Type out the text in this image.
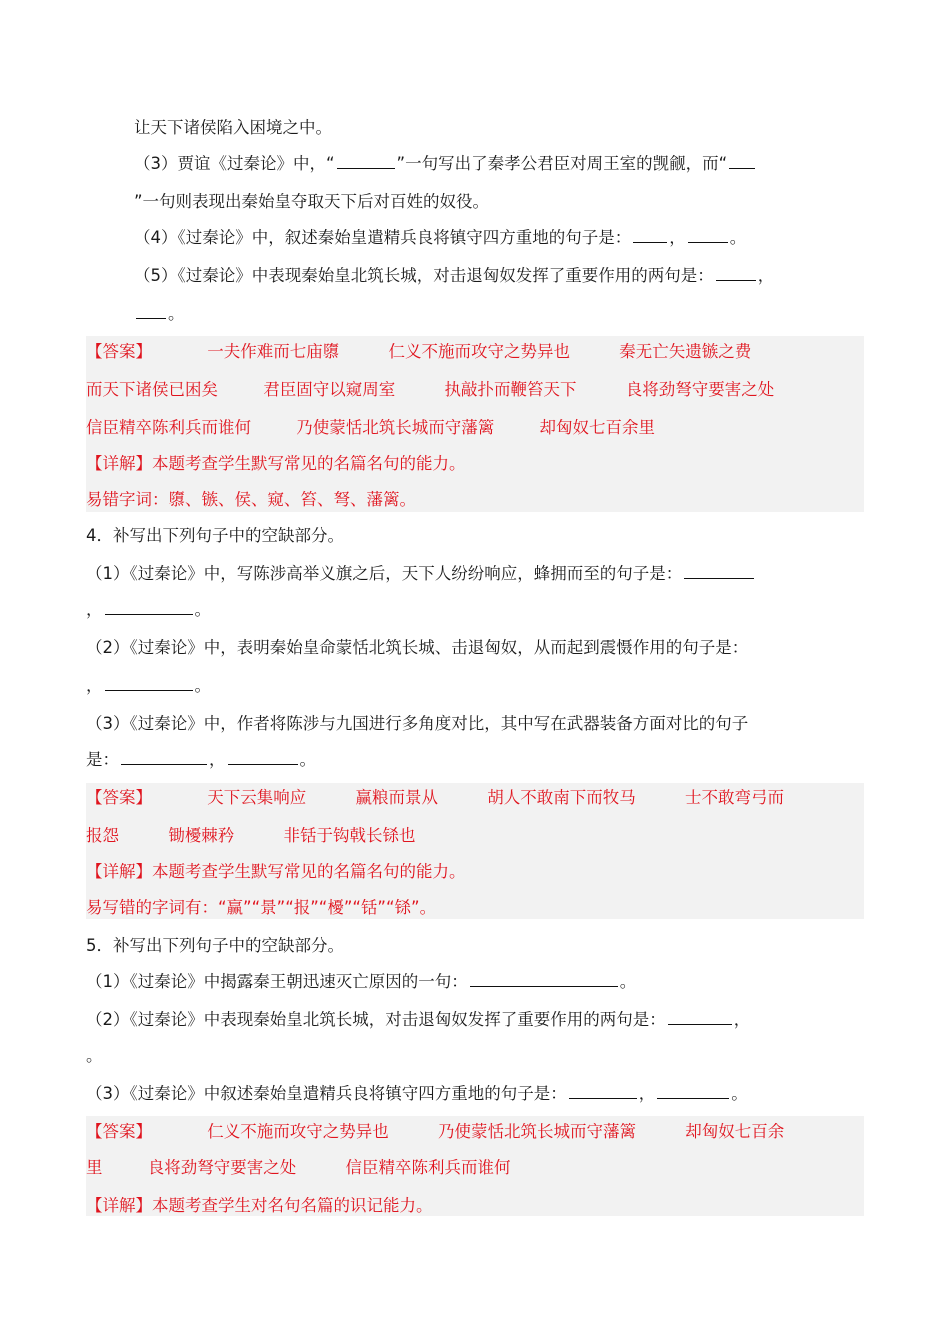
让天下诸侯陷入困境之中。
（3）贾谊《过秦论》中，“	”一句写出了秦孝公君臣对周王室的觊觎，而“
”一句则表现出秦始皇夺取天下后对百姓的奴役。
（4）《过秦论》中，叙述秦始皇遣精兵良将镇守四方重地的句子是： ，	。
（5）《过秦论》中表现秦始皇北筑长城，对击退匈奴发挥了重要作用的两句是：	，
。
【答案】	一夫作难而七庙隳	仁义不施而攻守之势异也	秦无亡矢遗镞之费
而天下诸侯已困矣	君臣固守以窥周室	执敲扑而鞭笞天下	良将劲弩守要害之处
信臣精卒陈利兵而谁何	乃使蒙恬北筑长城而守藩篱	却匈奴七百余里
【详解】本题考查学生默写常见的名篇名句的能力。
易错字词：隳、镞、侯、窥、笞、弩、藩篱。
4．补写出下列句子中的空缺部分。
（1）《过秦论》中，写陈涉高举义旗之后，天下人纷纷响应，蜂拥而至的句子是：
，	。
（2）《过秦论》中，表明秦始皇命蒙恬北筑长城、击退匈奴，从而起到震慑作用的句子是：
，	。
（3）《过秦论》中，作者将陈涉与九国进行多角度对比，其中写在武器装备方面对比的句子
是：	，	。
【答案】	天下云集响应	赢粮而景从	胡人不敢南下而牧马	士不敢弯弓而
报怨	锄櫌棘矜	非铦于钩戟长铩也
【详解】本题考查学生默写常见的名篇名句的能力。
易写错的字词有：“赢”“景”“报”“櫌”“铦”“铩”。
5．补写出下列句子中的空缺部分。
（1）《过秦论》中揭露秦王朝迅速灭亡原因的一句：	。
（2）《过秦论》中表现秦始皇北筑长城，对击退匈奴发挥了重要作用的两句是：	，
。
（3）《过秦论》中叙述秦始皇遣精兵良将镇守四方重地的句子是：	，	。
【答案】	仁义不施而攻守之势异也	乃使蒙恬北筑长城而守藩篱	却匈奴七百余
里	良将劲弩守要害之处	信臣精卒陈利兵而谁何
【详解】本题考查学生对名句名篇的识记能力。
